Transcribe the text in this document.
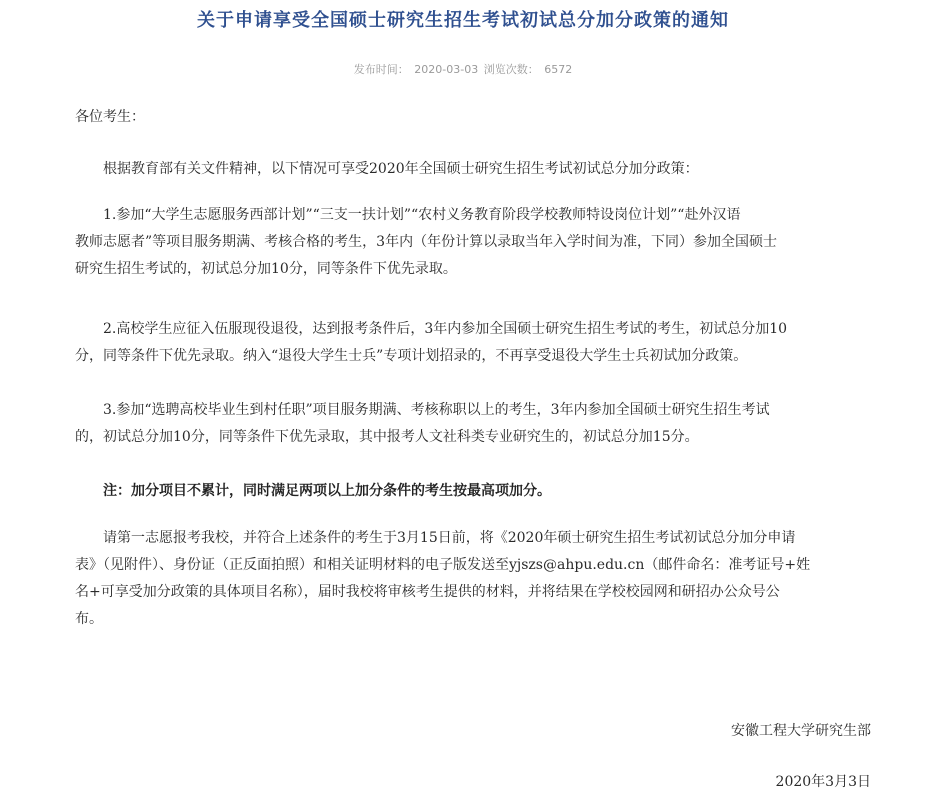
关于申请享受全国硕士研究生招生考试初试总分加分政策的通知
发布时间： 2020-03-03 浏览次数： 6572
各位考生：
根据教育部有关文件精神，以下情况可享受2020年全国硕士研究生招生考试初试总分加分政策：
1.参加“大学生志愿服务西部计划”“三支一扶计划”“农村义务教育阶段学校教师特设岗位计划”“赴外汉语
教师志愿者”等项目服务期满、考核合格的考生，3年内（年份计算以录取当年入学时间为准，下同）参加全国硕士
研究生招生考试的，初试总分加10分，同等条件下优先录取。
2.高校学生应征入伍服现役退役，达到报考条件后，3年内参加全国硕士研究生招生考试的考生，初试总分加10
分，同等条件下优先录取。纳入“退役大学生士兵”专项计划招录的，不再享受退役大学生士兵初试加分政策。
3.参加“选聘高校毕业生到村任职”项目服务期满、考核称职以上的考生，3年内参加全国硕士研究生招生考试
的，初试总分加10分，同等条件下优先录取，其中报考人文社科类专业研究生的，初试总分加15分。
注：加分项目不累计，同时满足两项以上加分条件的考生按最高项加分。
请第一志愿报考我校，并符合上述条件的考生于3月15日前，将《2020年硕士研究生招生考试初试总分加分申请
表》（见附件）、身份证（正反面拍照）和相关证明材料的电子版发送至yjszs@ahpu.edu.cn（邮件命名：准考证号+姓
名+可享受加分政策的具体项目名称），届时我校将审核考生提供的材料，并将结果在学校校园网和研招办公众号公
布。
安徽工程大学研究生部
2020年3月3日
